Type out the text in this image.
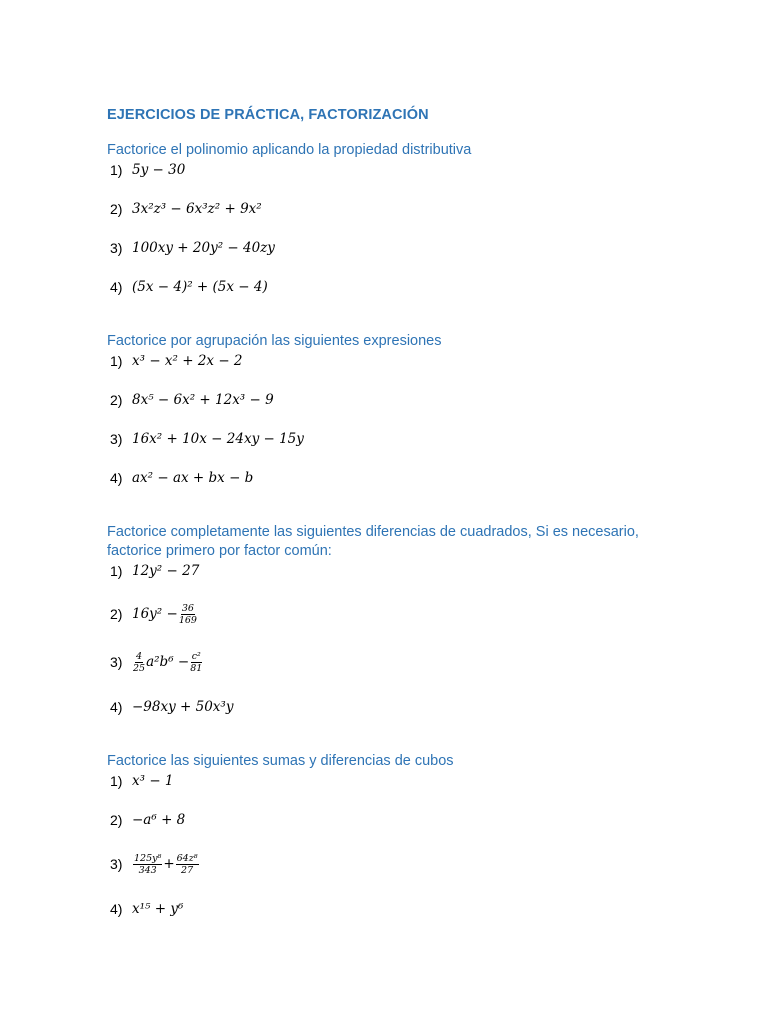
EJERCICIOS DE PRÁCTICA, FACTORIZACIÓN
Factorice el polinomio aplicando la propiedad distributiva
1) 5y − 30
2) 3x²z³ − 6x³z² + 9x²
3) 100xy + 20y² − 40zy
4) (5x − 4)² + (5x − 4)
Factorice por agrupación las siguientes expresiones
1) x³ − x² + 2x − 2
2) 8x⁵ − 6x² + 12x³ − 9
3) 16x² + 10x − 24xy − 15y
4) ax² − ax + bx − b
Factorice completamente las siguientes diferencias de cuadrados, Si es necesario,
factorice primero por factor común:
1) 12y² − 27
2) $16y^2 - \frac{36}{169}$
3)	$\frac{4}{25} a^2b^6 - \frac{\text{c²}}{81}$
4) −98xy + 50x³y
Factorice las siguientes sumas y diferencias de cubos
1) x³ − 1
2) −a⁶ + 8
3)	$\frac{\text{125y⁸}}{343} + \frac{\text{64z⁸}}{27}$
4) x¹⁵ + y⁶
